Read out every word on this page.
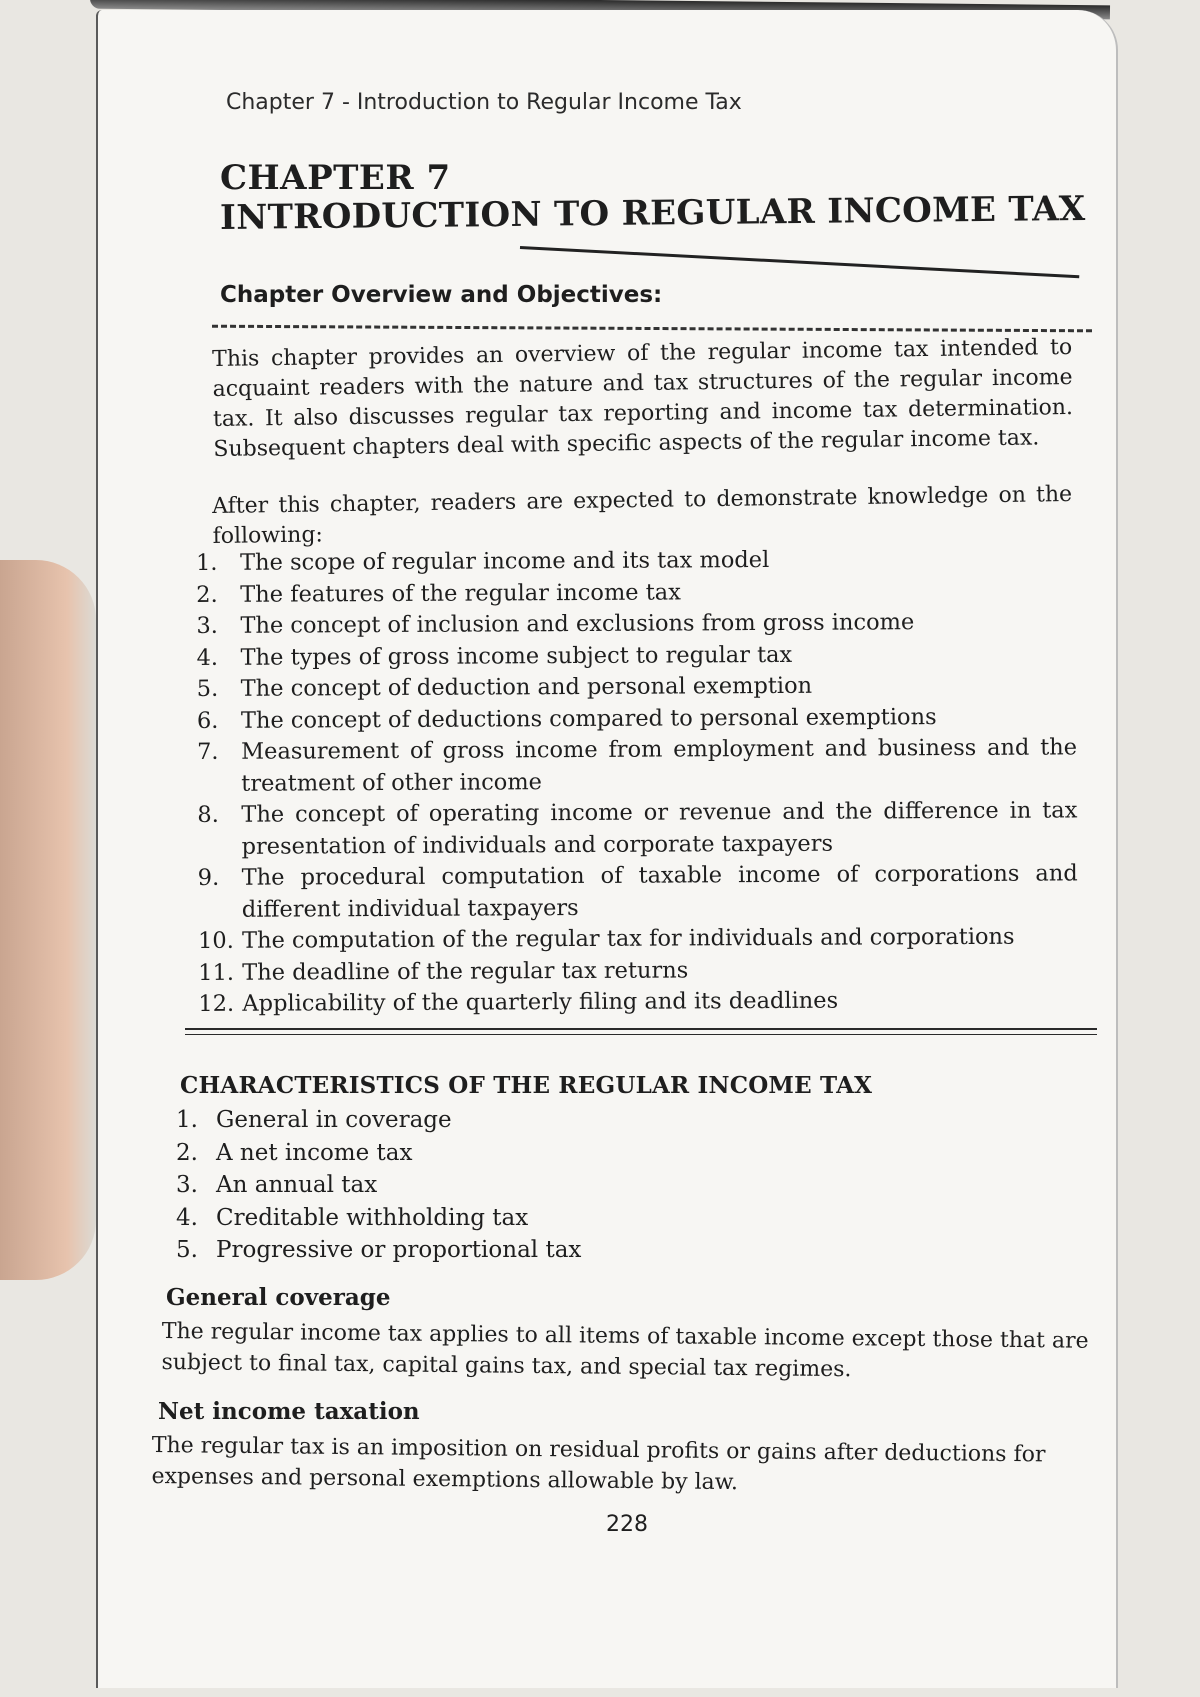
Chapter 7 - Introduction to Regular Income Tax
CHAPTER 7
INTRODUCTION TO REGULAR INCOME TAX
Chapter Overview and Objectives:
This chapter provides an overview of the regular income tax intended to acquaint readers with the nature and tax structures of the regular income tax. It also discusses regular tax reporting and income tax determination. Subsequent chapters deal with specific aspects of the regular income tax.
After this chapter, readers are expected to demonstrate knowledge on the following:
1. The scope of regular income and its tax model
2. The features of the regular income tax
3. The concept of inclusion and exclusions from gross income
4. The types of gross income subject to regular tax
5. The concept of deduction and personal exemption
6. The concept of deductions compared to personal exemptions
7. Measurement of gross income from employment and business and the treatment of other income
8. The concept of operating income or revenue and the difference in tax presentation of individuals and corporate taxpayers
9. The procedural computation of taxable income of corporations and different individual taxpayers
10. The computation of the regular tax for individuals and corporations
11. The deadline of the regular tax returns
12. Applicability of the quarterly filing and its deadlines
CHARACTERISTICS OF THE REGULAR INCOME TAX
1. General in coverage
2. A net income tax
3. An annual tax
4. Creditable withholding tax
5. Progressive or proportional tax
General coverage
The regular income tax applies to all items of taxable income except those that are subject to final tax, capital gains tax, and special tax regimes.
Net income taxation
The regular tax is an imposition on residual profits or gains after deductions for expenses and personal exemptions allowable by law.
228
